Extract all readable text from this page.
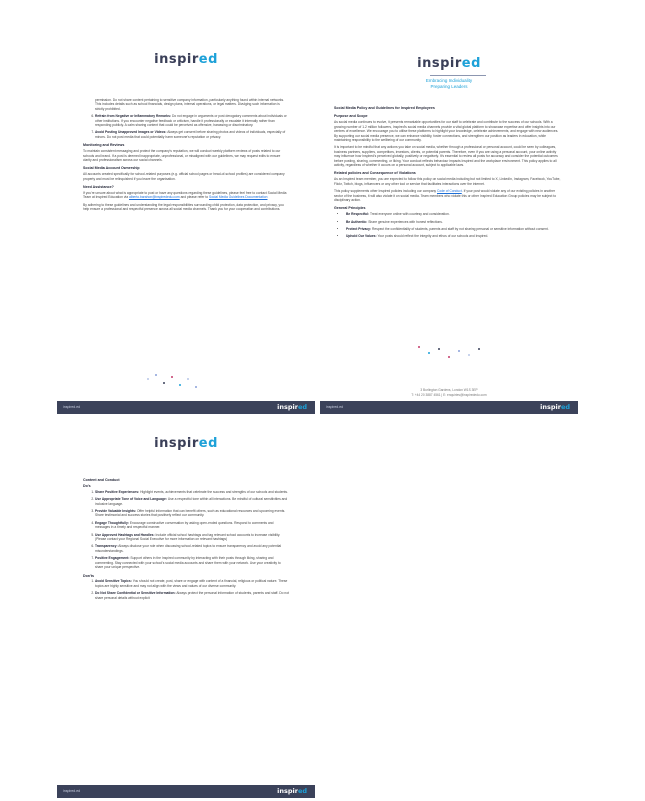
inspired

permission. Do not share content pertaining to sensitive company information, particularly anything found within internal networks. This includes details such as school financials, design plans, internal operations, or legal matters. Divulging such information is strictly prohibited.

6. Refrain from Negative or Inflammatory Remarks: Do not engage in arguments or post derogatory comments about individuals or other institutions. If you encounter negative feedback or criticism, handle it professionally or escalate it internally rather than responding publicly. A calm sharing content that could be perceived as offensive, harassing or discriminatory.
7. Avoid Posting Unapproved Images or Videos: Always get consent before sharing photos and videos of individuals, especially of minors. Do not post media that could potentially harm someone's reputation or privacy.
Monitoring and Reviews

To maintain consistent messaging and protect the company's reputation, we will conduct weekly platform reviews of posts related to our schools and brand. If a post is deemed inappropriate, unprofessional, or misaligned with our guidelines, we may request edits to ensure clarity and professionalism across our social channels.

Social Media Account Ownership

All accounts created specifically for school-related purposes (e.g. official school pages or head-of-school profiles) are considered company property and must be relinquished if you leave the organisation.

Need Assistance?

If you're unsure about what is appropriate to post or have any questions regarding these guidelines, please feel free to contact Social Media Team at Inspired Education via alberto.barahon@inspirededu.com and please refer to Social Media Guidelines Documentation

By adhering to these guidelines and understanding the legal responsibilities surrounding child protection, data protection, and privacy, you help ensure a professional and respectful presence across all social media channels. Thank you for your cooperation and contributions.

inspired.ed	inspired
inspired
Embracing Individuality
Preparing Leaders
Social Media Policy and Guidelines for Inspired Employees
Purpose and Scope

As social media continues to evolve, it presents remarkable opportunities for our staff to celebrate and contribute to the success of our schools. With a growing number of 1.2 million followers, Inspired's social media channels provide a vital global platform to showcase expertise and offer insights into our centres of excellence. We encourage you to utilise these platforms to highlight your knowledge, celebrate achievements, and engage with new audiences. By supporting our social media presence, we can enhance visibility, foster connections, and strengthen our position as leaders in education, while maintaining responsibility to the wellbeing of our community.

It is important to be mindful that any actions you take on social media, whether through a professional or personal account, could be seen by colleagues, business partners, suppliers, competitors, investors, clients, or potential parents. Therefore, even if you are using a personal account, your online activity may influence how Inspired's perceived globally, positively or negatively. It's essential to review all posts for accuracy and consider the potential outcomes before posting, sharing, commenting, or liking. Your conduct reflects behaviour impacts Inspired and the workplace environment. This policy applies to all activity, regardless of whether it occurs on a personal account, subject to applicable laws.

Related policies and Consequence of Violations

As an Inspired team member, you are expected to follow this policy on social media including but not limited to X, LinkedIn, Instagram, Facebook, YouTube, Flickr, Twitch, blogs, influencers or any other tool or service that facilitates interactions over the internet.

This policy supplements other Inspired policies including our company Code of Conduct. If your post would violate any of our existing policies in another sector of the business, it will also violate it on social media. Team members who violate this or other Inspired Education Group policies may be subject to disciplinary action.

General Principles
• Be Respectful: Treat everyone online with courtesy and consideration.
• Be Authentic: Share genuine experiences with honest reflections.
• Protect Privacy: Respect the confidentiality of students, parents and staff by not sharing personal or sensitive information without consent.
• Uphold Our Values: Your posts should reflect the integrity and ethos of our schools and Inspired.
3 Burlington Gardens, London W1S 3EP
T: +44 20 3887 4561 | E: enquiries@inspirededu.com
inspired.ed	inspired
inspired
Content and Conduct
Do's
1. Share Positive Experiences: Highlight events, achievements that celebrate the success and strengths of our schools and students.
2. Use Appropriate Tone of Voice and Language: Use a respectful tone within all interactions. Be mindful of cultural sensitivities and inclusive language.
3. Provide Valuable Insights: Offer helpful information that can benefit others, such as educational resources and upcoming events. Share testimonial and success stories that positively reflect our community.
4. Engage Thoughtfully: Encourage constructive conversation by asking open-ended questions. Respond to comments and messages in a timely and respectful manner.
5. Use Approved Hashtags and Handles: Include official school hashtags and tag relevant school accounts to increase visibility. (Please contact your Regional Social Executive for more information on relevant hashtags)
6. Transparency: Always disclose your role when discussing school-related topics to ensure transparency and avoid any potential misunderstandings.
7. Positive Engagement: Support others in the Inspired community by interacting with their posts through liking, sharing and commenting. Stay connected with your school's social media accounts and share them with your network. Use your creativity to share your unique perspective.
Don'ts
1. Avoid Sensitive Topics: You should not create, post, share or engage with content of a financial, religious or political nature. These topics are highly sensitive and may not align with the views and values of our diverse community.
2. Do Not Share Confidential or Sensitive Information: Always protect the personal information of students, parents and staff. Do not share personal details without explicit
inspired.ed	inspired
